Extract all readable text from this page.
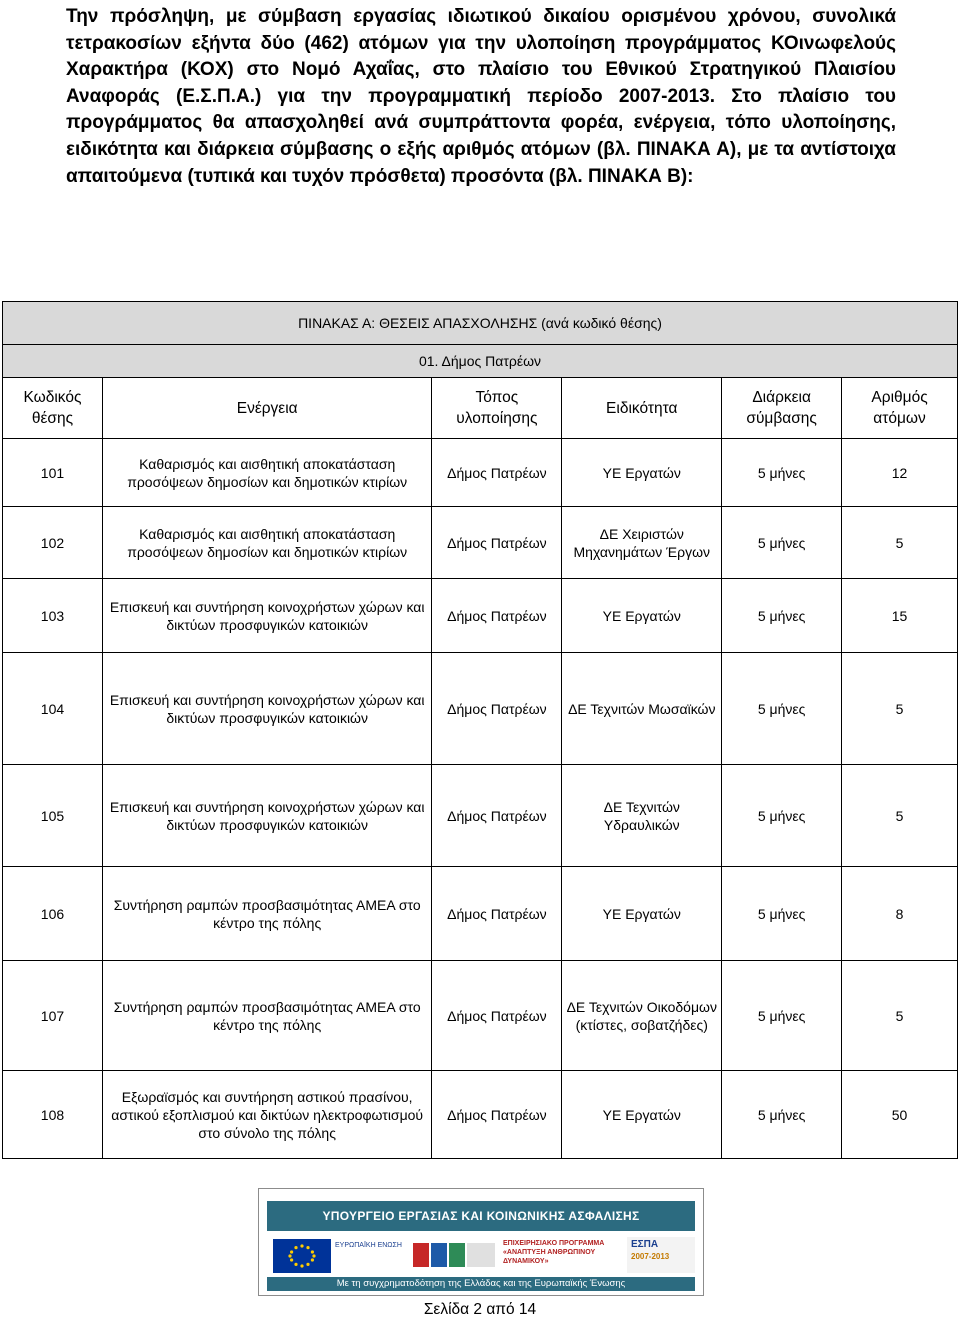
Την πρόσληψη, με σύμβαση εργασίας ιδιωτικού δικαίου ορισμένου χρόνου, συνολικά τετρακοσίων εξήντα δύο (462) ατόμων για την υλοποίηση προγράμματος ΚΟινωφελούς Χαρακτήρα (ΚΟΧ) στο Νομό Αχαΐας, στο πλαίσιο του Εθνικού Στρατηγικού Πλαισίου Αναφοράς (Ε.Σ.Π.Α.) για την προγραμματική περίοδο 2007-2013. Στο πλαίσιο του προγράμματος θα απασχοληθεί ανά συμπράττοντα φορέα, ενέργεια, τόπο υλοποίησης, ειδικότητα και διάρκεια σύμβασης ο εξής αριθμός ατόμων (βλ. ΠΙΝΑΚΑ Α), με τα αντίστοιχα απαιτούμενα (τυπικά και τυχόν πρόσθετα) προσόντα (βλ. ΠΙΝΑΚΑ Β):

ΠΙΝΑΚΑΣ Α: ΘΕΣΕΙΣ ΑΠΑΣΧΟΛΗΣΗΣ (ανά κωδικό θέσης)					
01. Δήμος Πατρέων					
Κωδικός θέσης	Ενέργεια	Τόπος υλοποίησης	Ειδικότητα	Διάρκεια σύμβασης	Αριθμός ατόμων
101	Καθαρισμός και αισθητική αποκατάσταση προσόψεων δημοσίων και δημοτικών κτιρίων	Δήμος Πατρέων	ΥΕ Εργατών	5 μήνες	12
102	Καθαρισμός και αισθητική αποκατάσταση προσόψεων δημοσίων και δημοτικών κτιρίων	Δήμος Πατρέων	ΔΕ Χειριστών Μηχανημάτων Έργων	5 μήνες	5
103	Επισκευή και συντήρηση κοινοχρήστων χώρων και δικτύων προσφυγικών κατοικιών	Δήμος Πατρέων	ΥΕ Εργατών	5 μήνες	15
104	Επισκευή και συντήρηση κοινοχρήστων χώρων και δικτύων προσφυγικών κατοικιών	Δήμος Πατρέων	ΔΕ Τεχνιτών Μωσαϊκών	5 μήνες	5
105	Επισκευή και συντήρηση κοινοχρήστων χώρων και δικτύων προσφυγικών κατοικιών	Δήμος Πατρέων	ΔΕ Τεχνιτών Υδραυλικών	5 μήνες	5
106	Συντήρηση ραμπών προσβασιμότητας ΑΜΕΑ στο κέντρο της πόλης	Δήμος Πατρέων	ΥΕ Εργατών	5 μήνες	8
107	Συντήρηση ραμπών προσβασιμότητας ΑΜΕΑ στο κέντρο της πόλης	Δήμος Πατρέων	ΔΕ Τεχνιτών Οικοδόμων (κτίστες, σοβατζήδες)	5 μήνες	5
108	Εξωραϊσμός και συντήρηση αστικού πρασίνου, αστικού εξοπλισμού και δικτύων ηλεκτροφωτισμού στο σύνολο της πόλης	Δήμος Πατρέων	ΥΕ Εργατών	5 μήνες	50
ΥΠΟΥΡΓΕΙΟ ΕΡΓΑΣΙΑΣ ΚΑΙ ΚΟΙΝΩΝΙΚΗΣ ΑΣΦΑΛΙΣΗΣ
ΕΥΡΩΠΑΪΚΗ ΕΝΩΣΗ	ΕΠΙΧΕΙΡΗΣΙΑΚΟ ΠΡΟΓΡΑΜΜΑ «ΑΝΑΠΤΥΞΗ ΑΝΘΡΩΠΙΝΟΥ ΔΥΝΑΜΙΚΟΥ»
ΕΣΠΑ
2007-2013
Με τη συγχρηματοδότηση της Ελλάδας και της Ευρωπαϊκής Ένωσης
Σελίδα 2 από 14
